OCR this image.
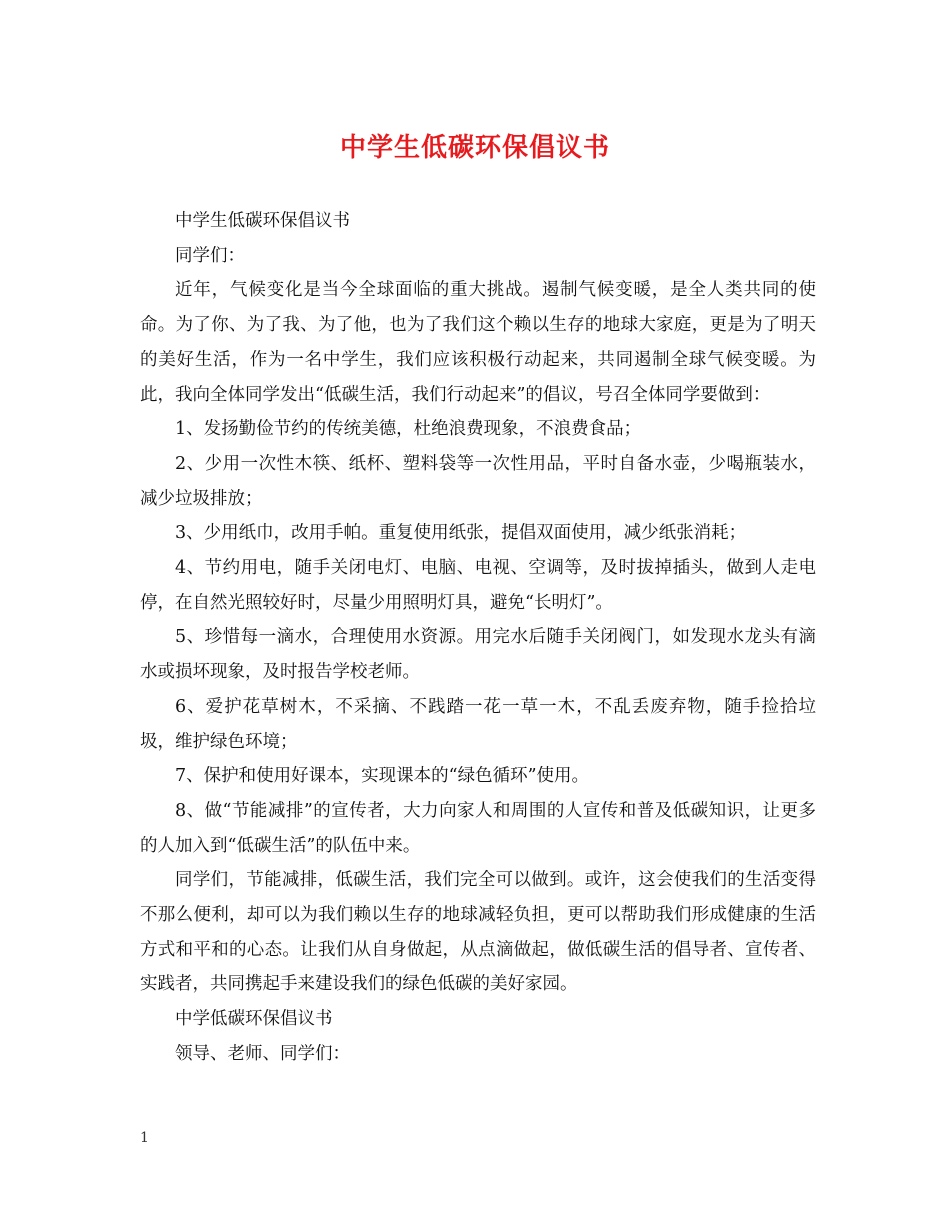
中学生低碳环保倡议书

中学生低碳环保倡议书

同学们：

近年，气候变化是当今全球面临的重大挑战。遏制气候变暖，是全人类共同的使命。为了你、为了我、为了他，也为了我们这个赖以生存的地球大家庭，更是为了明天的美好生活，作为一名中学生，我们应该积极行动起来，共同遏制全球气候变暖。为此，我向全体同学发出“低碳生活，我们行动起来”的倡议，号召全体同学要做到：

1、发扬勤俭节约的传统美德，杜绝浪费现象，不浪费食品；

2、少用一次性木筷、纸杯、塑料袋等一次性用品，平时自备水壶，少喝瓶装水，减少垃圾排放；

3、少用纸巾，改用手帕。重复使用纸张，提倡双面使用，减少纸张消耗；

4、节约用电，随手关闭电灯、电脑、电视、空调等，及时拔掉插头，做到人走电停，在自然光照较好时，尽量少用照明灯具，避免“长明灯”。

5、珍惜每一滴水，合理使用水资源。用完水后随手关闭阀门，如发现水龙头有滴水或损坏现象，及时报告学校老师。

6、爱护花草树木，不采摘、不践踏一花一草一木，不乱丢废弃物，随手捡拾垃圾，维护绿色环境；

7、保护和使用好课本，实现课本的“绿色循环”使用。

8、做“节能减排”的宣传者，大力向家人和周围的人宣传和普及低碳知识，让更多的人加入到“低碳生活”的队伍中来。

同学们，节能减排，低碳生活，我们完全可以做到。或许，这会使我们的生活变得不那么便利，却可以为我们赖以生存的地球减轻负担，更可以帮助我们形成健康的生活方式和平和的心态。让我们从自身做起，从点滴做起，做低碳生活的倡导者、宣传者、实践者，共同携起手来建设我们的绿色低碳的美好家园。

中学低碳环保倡议书

领导、老师、同学们：

1
